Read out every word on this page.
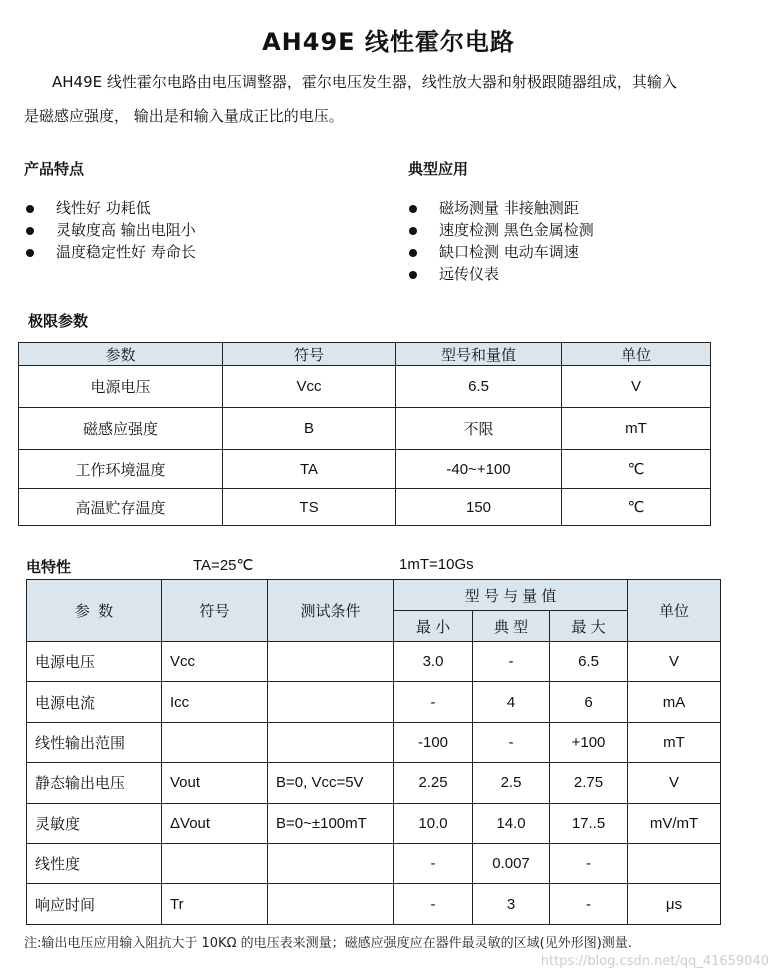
AH49E 线性霍尔电路
AH49E 线性霍尔电路由电压调整器，霍尔电压发生器，线性放大器和射极跟随器组成，其输入
是磁感应强度， 输出是和输入量成正比的电压。
产品特点	典型应用
线性好 功耗低
灵敏度高 输出电阻小
温度稳定性好 寿命长
磁场测量 非接触测距
速度检测 黑色金属检测
缺口检测 电动车调速
远传仪表
极限参数
参数	符号	型号和量值	单位
电源电压	Vcc	6.5	V
磁感应强度	B	不限	mT
工作环境温度	TA	-40~+100	℃
高温贮存温度	TS	150	℃
电特性	TA=25℃	1mT=10Gs
参  数	符号	测试条件	型 号 与 量 值			单位
			最 小	典 型	最 大	
电源电压	Vcc		3.0	-	6.5	V
电源电流	Icc		-	4	6	mA
线性输出范围			-100	-	+100	mT
静态输出电压	Vout	B=0, Vcc=5V	2.25	2.5	2.75	V
灵敏度	ΔVout	B=0~±100mT	10.0	14.0	17..5	mV/mT
线性度			-	0.007	-	
响应时间	Tr		-	3	-	μs
注:输出电压应用输入阻抗大于 10KΩ 的电压表来测量；磁感应强度应在器件最灵敏的区域(见外形图)测量.
https://blog.csdn.net/qq_41659040
